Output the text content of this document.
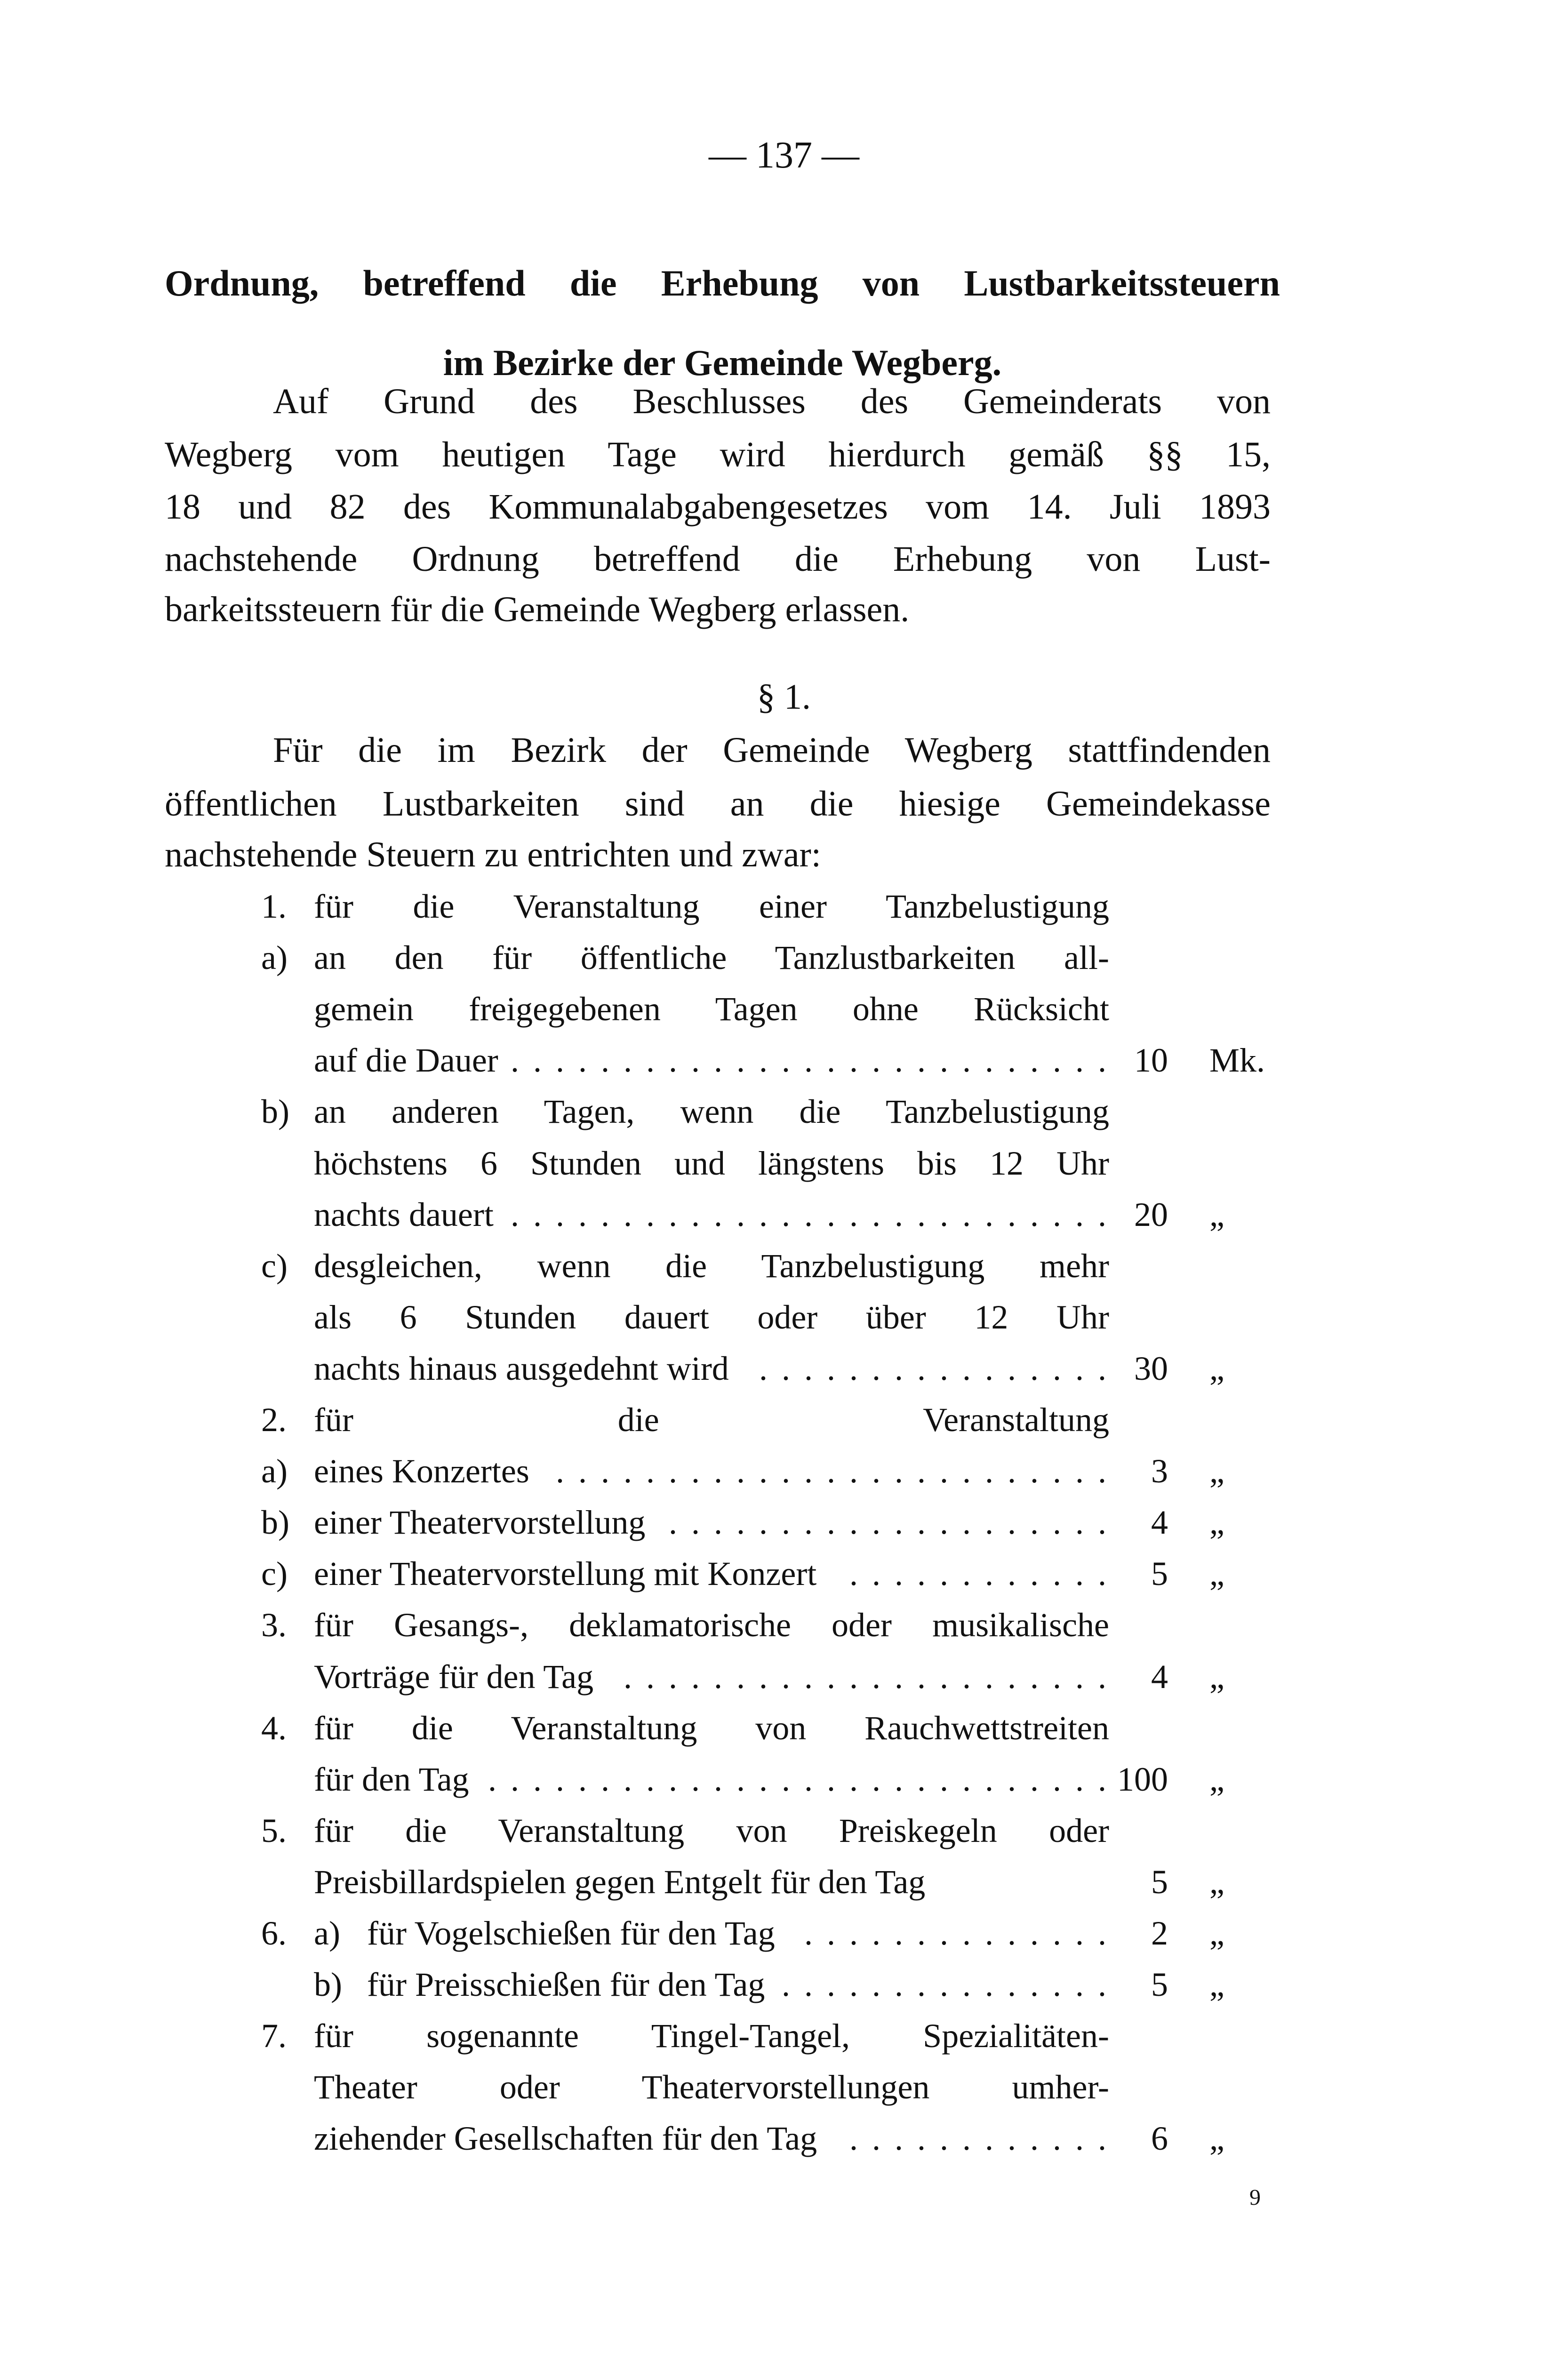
— 137 —
Ordnung, betreffend die Erhebung von Lustbarkeitssteuern
im Bezirke der Gemeinde Wegberg.
Auf Grund des Beschlusses des Gemeinderats von
Wegberg vom heutigen Tage wird hierdurch gemäß §§ 15,
18 und 82 des Kommunalabgabengesetzes vom 14. Juli 1893
nachstehende Ordnung betreffend die Erhebung von Lust-
barkeitssteuern für die Gemeinde Wegberg erlassen.
§ 1.
Für die im Bezirk der Gemeinde Wegberg stattfindenden
öffentlichen Lustbarkeiten sind an die hiesige Gemeindekasse
nachstehende Steuern zu entrichten und zwar:
1. für die Veranstaltung einer Tanzbelustigung
a) an den für öffentliche Tanzlustbarkeiten all-
gemein freigegebenen Tagen ohne Rücksicht
auf die Dauer . . . . . . . . . . . . . . . . . . . . . . . . . . . 10 Mk.
b) an anderen Tagen, wenn die Tanzbelustigung
höchstens 6 Stunden und längstens bis 12 Uhr
nachts dauert . . . . . . . . . . . . . . . . . . . . . . . . . . . 20 „
c) desgleichen, wenn die Tanzbelustigung mehr
als 6 Stunden dauert oder über 12 Uhr
nachts hinaus ausgedehnt wird . . . . . . . . . . . . . . . . 30 „
2. für die Veranstaltung
a) eines Konzertes . . . . . . . . . . . . . . . . . . . . . . . . . 3 „
b) einer Theatervorstellung . . . . . . . . . . . . . . . . . . . . 4 „
c) einer Theatervorstellung mit Konzert . . . . . . . . . . . . 5 „
3. für Gesangs-, deklamatorische oder musikalische
Vorträge für den Tag . . . . . . . . . . . . . . . . . . . . . . 4 „
4. für die Veranstaltung von Rauchwettstreiten
für den Tag . . . . . . . . . . . . . . . . . . . . . . . . . . . . 100 „
5. für die Veranstaltung von Preiskegeln oder
Preisbillardspielen gegen Entgelt für den Tag	5 „
6. a) für Vogelschießen für den Tag . . . . . . . . . . . . . . 2 „
b) für Preisschießen für den Tag . . . . . . . . . . . . . . . 5 „
7. für sogenannte Tingel-Tangel, Spezialitäten-
Theater oder Theatervorstellungen umher-
ziehender Gesellschaften für den Tag . . . . . . . . . . . . 6 „
9
